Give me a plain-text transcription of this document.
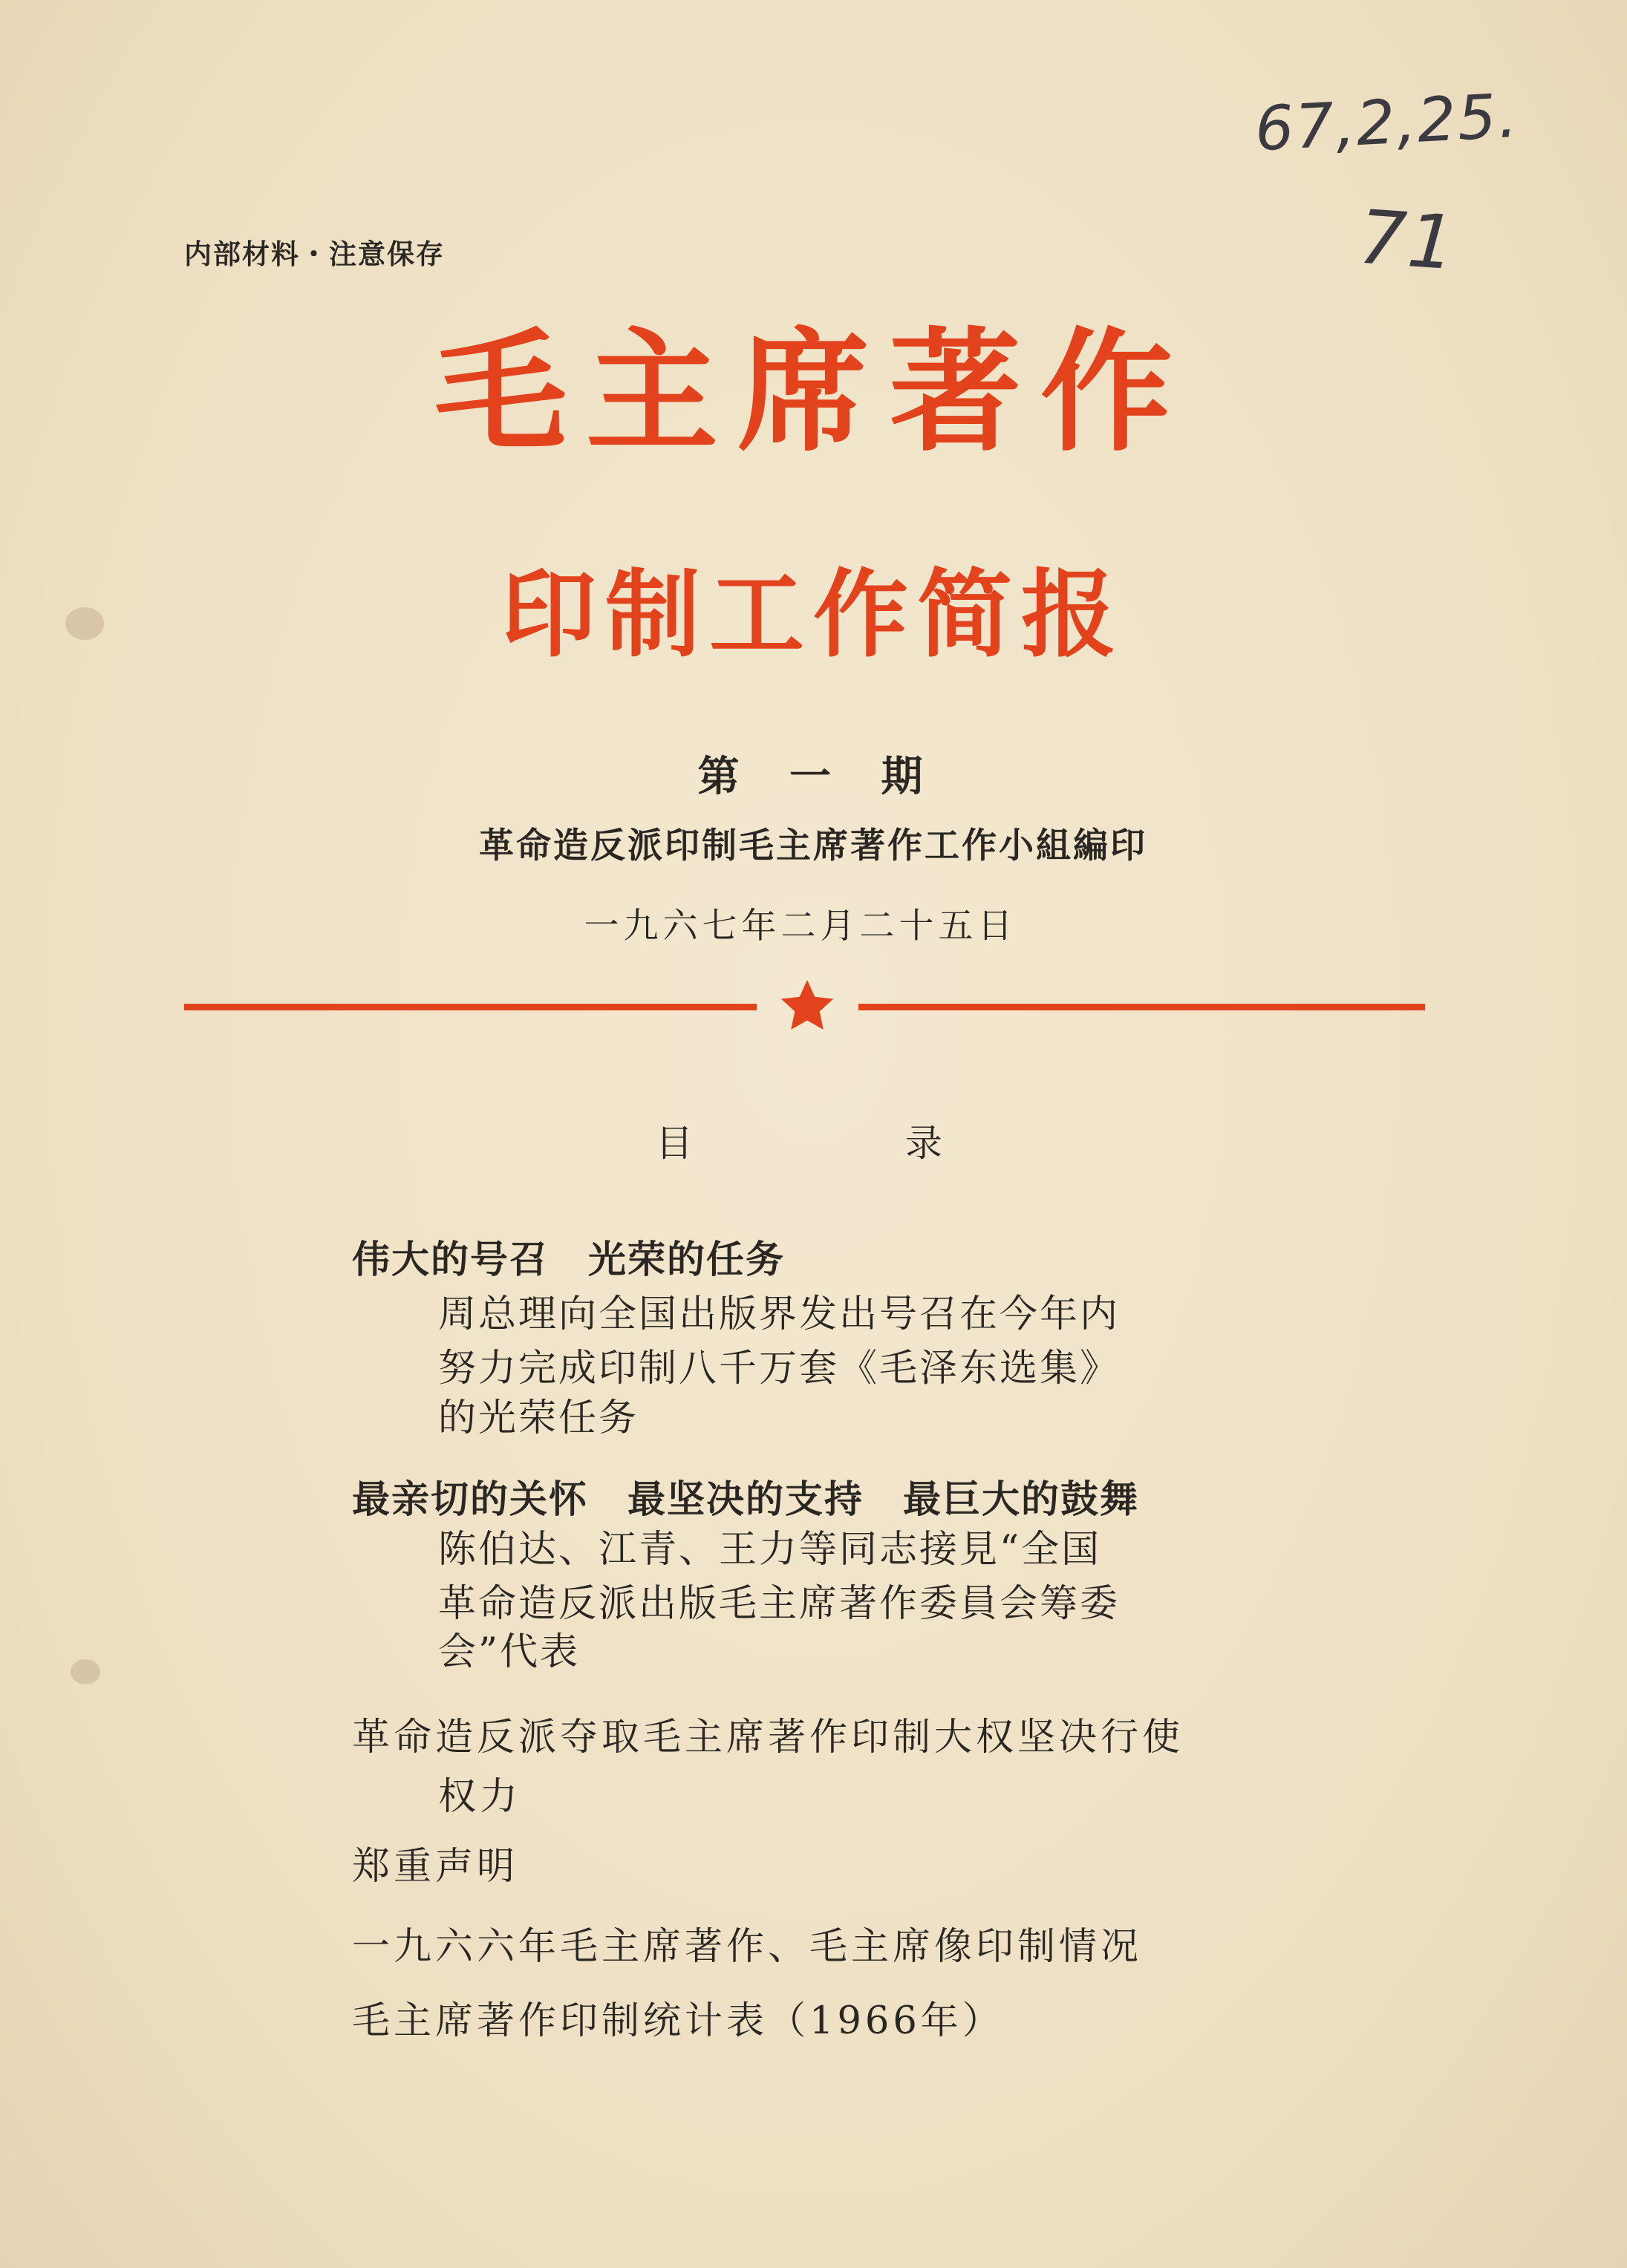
67,2,25.
71
内部材料・注意保存
毛主席著作
印制工作简报
第 一 期
革命造反派印制毛主席著作工作小組編印
一九六七年二月二十五日
目 录
伟大的号召　光荣的任务
周总理向全国出版界发出号召在今年内
努力完成印制八千万套《毛泽东选集》
的光荣任务
最亲切的关怀　最坚决的支持　最巨大的鼓舞
陈伯达、江青、王力等同志接見“全国
革命造反派出版毛主席著作委員会筹委
会”代表
革命造反派夺取毛主席著作印制大权坚决行使
权力
郑重声明
一九六六年毛主席著作、毛主席像印制情况
毛主席著作印制统计表（1966年）
